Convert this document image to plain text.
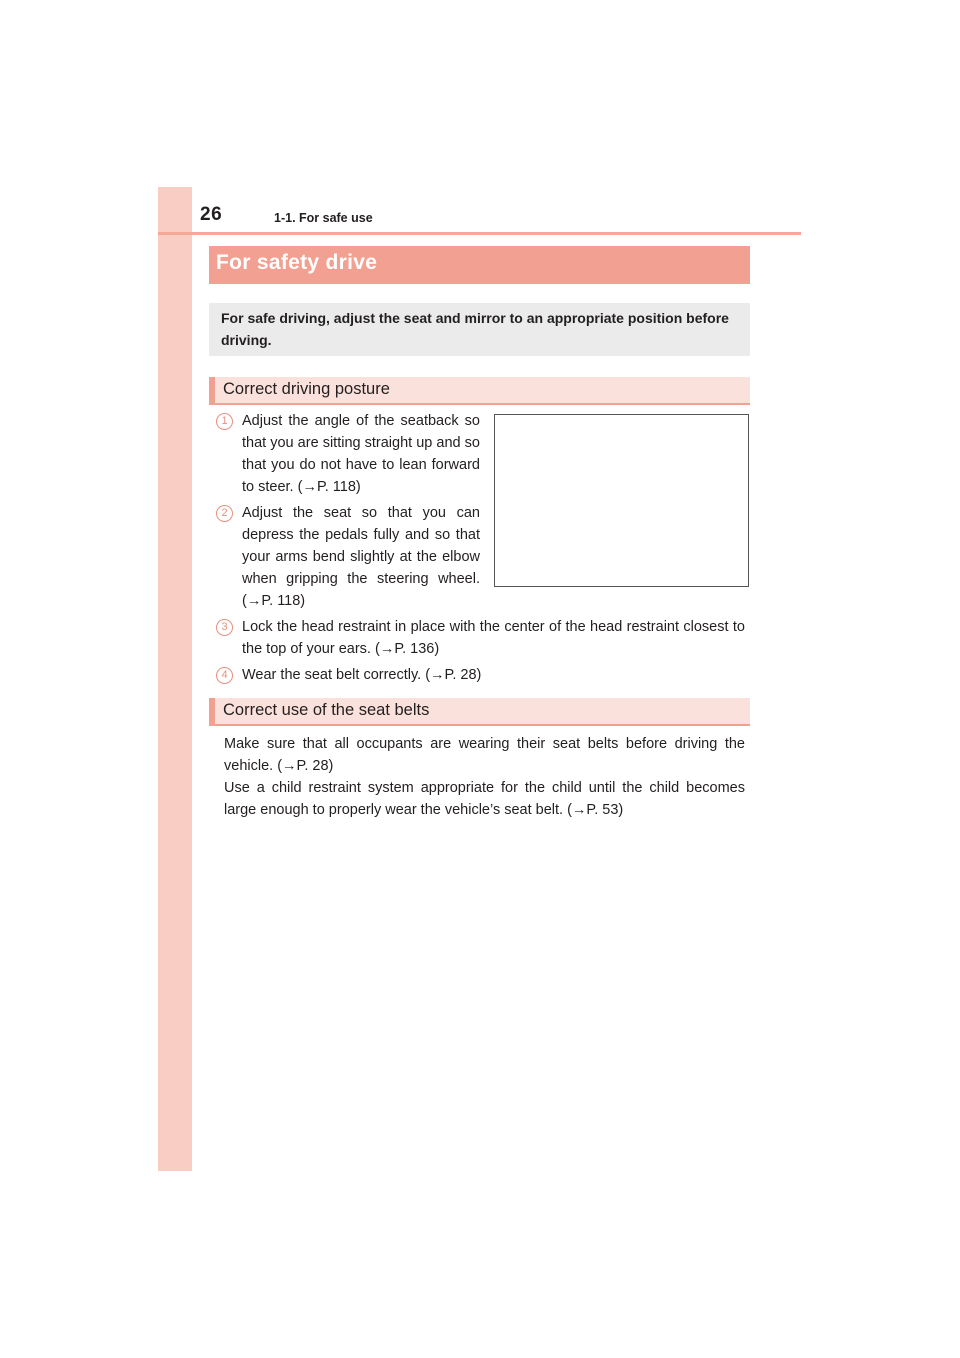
26	1-1. For safe use
For safety drive
For safe driving, adjust the seat and mirror to an appropriate position before driving.
Correct driving posture
1 Adjust the angle of the seatback so that you are sitting straight up and so that you do not have to lean forward to steer. (→P. 118)
2 Adjust the seat so that you can depress the pedals fully and so that your arms bend slightly at the elbow when gripping the steering wheel. (→P. 118)
3 Lock the head restraint in place with the center of the head restraint closest to the top of your ears. (→P. 136)
4 Wear the seat belt correctly. (→P. 28)
Correct use of the seat belts
Make sure that all occupants are wearing their seat belts before driving the vehicle. (→P. 28)
Use a child restraint system appropriate for the child until the child becomes large enough to properly wear the vehicle’s seat belt. (→P. 53)
